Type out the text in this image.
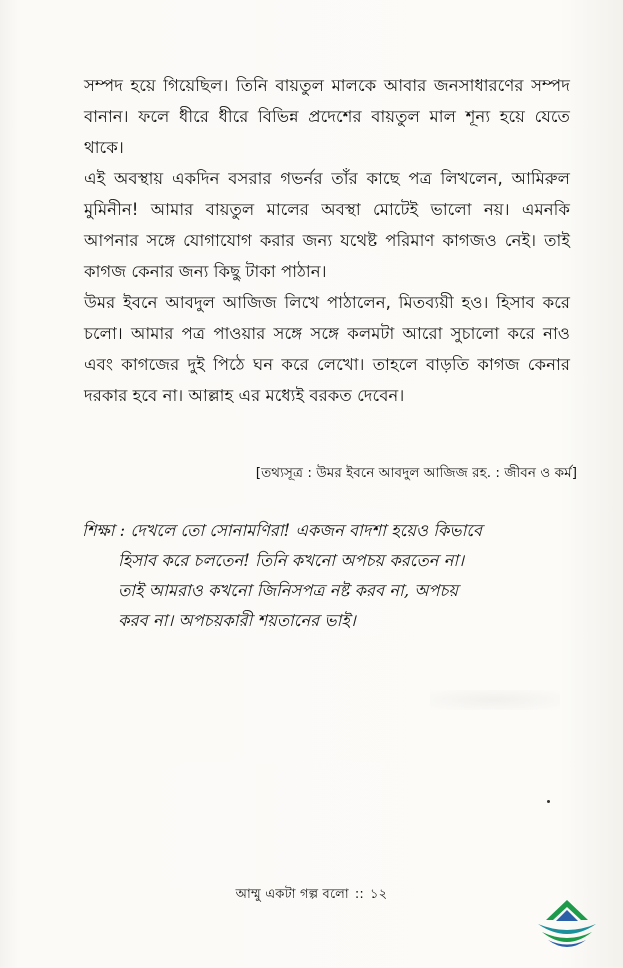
সম্পদ হয়ে গিয়েছিল। তিনি বায়তুল মালকে আবার জনসাধারণের সম্পদ বানান। ফলে ধীরে ধীরে বিভিন্ন প্রদেশের বায়তুল মাল শূন্য হয়ে যেতে থাকে।

এই অবস্থায় একদিন বসরার গভর্নর তাঁর কাছে পত্র লিখলেন, আমিরুল মুমিনীন! আমার বায়তুল মালের অবস্থা মোটেই ভালো নয়। এমনকি আপনার সঙ্গে যোগাযোগ করার জন্য যথেষ্ট পরিমাণ কাগজও নেই। তাই কাগজ কেনার জন্য কিছু টাকা পাঠান।

উমর ইবনে আবদুল আজিজ লিখে পাঠালেন, মিতব্যয়ী হও। হিসাব করে চলো। আমার পত্র পাওয়ার সঙ্গে সঙ্গে কলমটা আরো সুচালো করে নাও এবং কাগজের দুই পিঠে ঘন করে লেখো। তাহলে বাড়তি কাগজ কেনার দরকার হবে না। আল্লাহ এর মধ্যেই বরকত দেবেন।

[তথ্যসূত্র : উমর ইবনে আবদুল আজিজ রহ. : জীবন ও কর্ম]
শিক্ষা : দেখলে তো সোনামণিরা! একজন বাদশা হয়েও কিভাবে
হিসাব করে চলতেন! তিনি কখনো অপচয় করতেন না।
তাই আমরাও কখনো জিনিসপত্র নষ্ট করব না, অপচয়
করব না। অপচয়কারী শয়তানের ভাই।
আম্মু একটা গল্প বলো :: ১২
